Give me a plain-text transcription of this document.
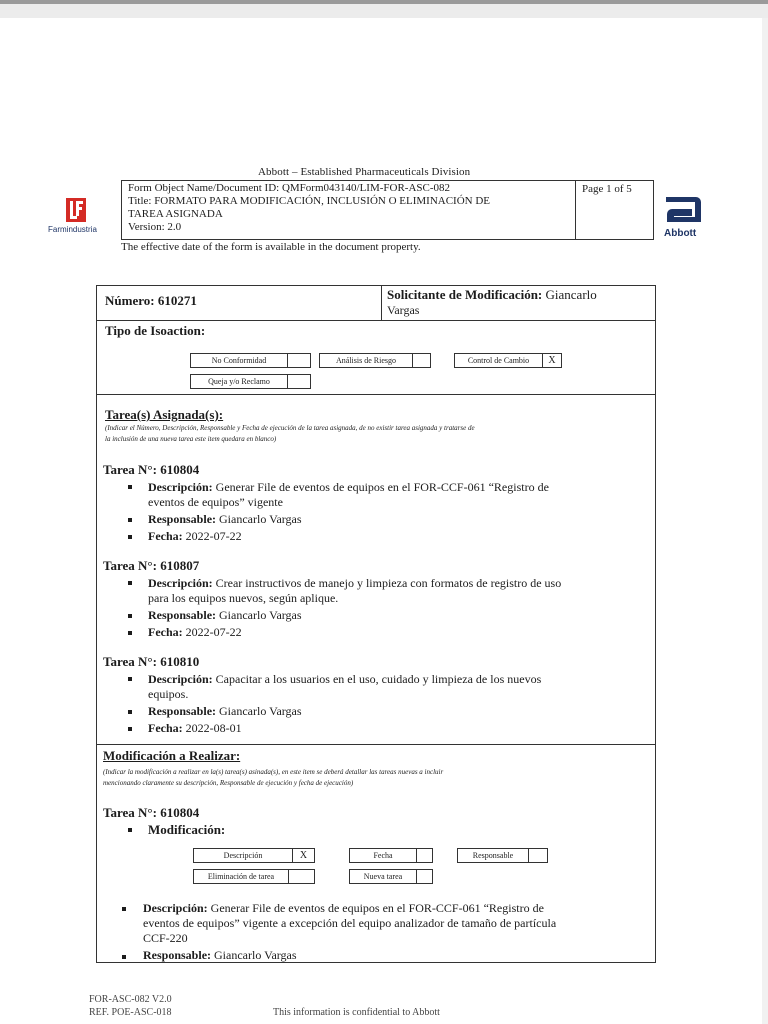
Abbott – Established Pharmaceuticals Division
Farmindustria	Abbott
Form Object Name/Document ID: QMForm043140/LIM-FOR-ASC-082
Title: FORMATO PARA MODIFICACIÓN, INCLUSIÓN O ELIMINACIÓN DE
TAREA ASIGNADA
Version: 2.0
Page 1 of 5
The effective date of the form is available in the document property.
Número: 610271	Solicitante de Modificación: Giancarlo
Vargas
Tipo de Isoaction:
No Conformidad	Análisis de Riesgo	Control de Cambio	X
Queja y/o Reclamo
Tarea(s) Asignada(s):
(Indicar el Número, Descripción, Responsable y Fecha de ejecución de la tarea asignada, de no existir tarea asignada y tratarse de
la inclusión de una nueva tarea este item quedara en blanco)
Tarea N°: 610804
Descripción: Generar File de eventos de equipos en el FOR-CCF-061 “Registro de
eventos de equipos” vigente
Responsable: Giancarlo Vargas
Fecha: 2022-07-22
Tarea N°: 610807
Descripción: Crear instructivos de manejo y limpieza con formatos de registro de uso
para los equipos nuevos, según aplique.
Responsable: Giancarlo Vargas
Fecha: 2022-07-22
Tarea N°: 610810
Descripción: Capacitar a los usuarios en el uso, cuidado y limpieza de los nuevos
equipos.
Responsable: Giancarlo Vargas
Fecha: 2022-08-01
Modificación a Realizar:
(Indicar la modificación a realizar en la(s) tarea(s) asinada(s), en este item se deberá detallar las tareas nuevas a incluir
mencionando claramente su descripción, Responsable de ejecución y fecha de ejecución)
Tarea N°: 610804
Modificación:
Descripción	X	Fecha	Responsable
Eliminación de tarea	Nueva tarea
Descripción: Generar File de eventos de equipos en el FOR-CCF-061 “Registro de
eventos de equipos” vigente a excepción del equipo analizador de tamaño de partícula
CCF-220
Responsable: Giancarlo Vargas
FOR-ASC-082 V2.0
REF. POE-ASC-018	This information is confidential to Abbott
